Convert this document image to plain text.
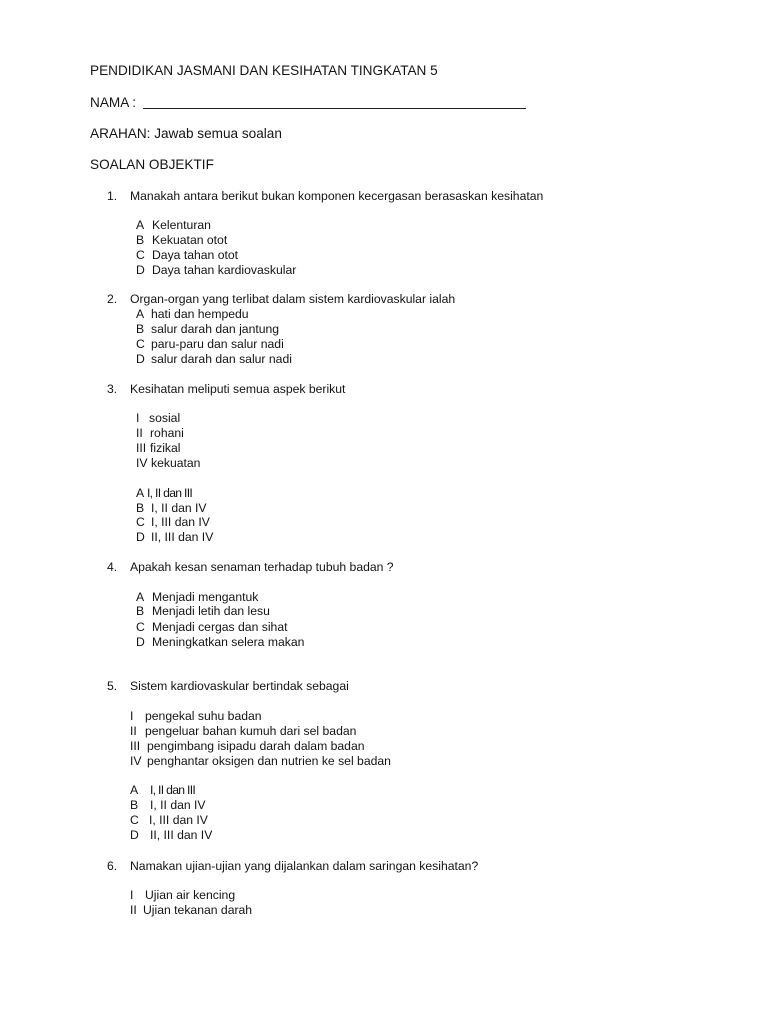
PENDIDIKAN JASMANI DAN KESIHATAN TINGKATAN 5
NAMA :
ARAHAN: Jawab semua soalan
SOALAN OBJEKTIF
1. Manakah antara berikut bukan komponen kecergasan berasaskan kesihatan
A Kelenturan
B Kekuatan otot
C Daya tahan otot
D Daya tahan kardiovaskular
2. Organ-organ yang terlibat dalam sistem kardiovaskular ialah
A hati dan hempedu
B salur darah dan jantung
C paru-paru dan salur nadi
D salur darah dan salur nadi
3. Kesihatan meliputi semua aspek berikut
I sosial
II rohani
III fizikal
IV kekuatan
A I, II dan III
B I, II dan IV
C I, III dan IV
D II, III dan IV
4. Apakah kesan senaman terhadap tubuh badan ?
A Menjadi mengantuk
B Menjadi letih dan lesu
C Menjadi cergas dan sihat
D Meningkatkan selera makan
5. Sistem kardiovaskular bertindak sebagai
I pengekal suhu badan
II pengeluar bahan kumuh dari sel badan
III pengimbang isipadu darah dalam badan
IV penghantar oksigen dan nutrien ke sel badan
A I, II dan III
B I, II dan IV
C I, III dan IV
D II, III dan IV
6. Namakan ujian-ujian yang dijalankan dalam saringan kesihatan?
I Ujian air kencing
II Ujian tekanan darah
